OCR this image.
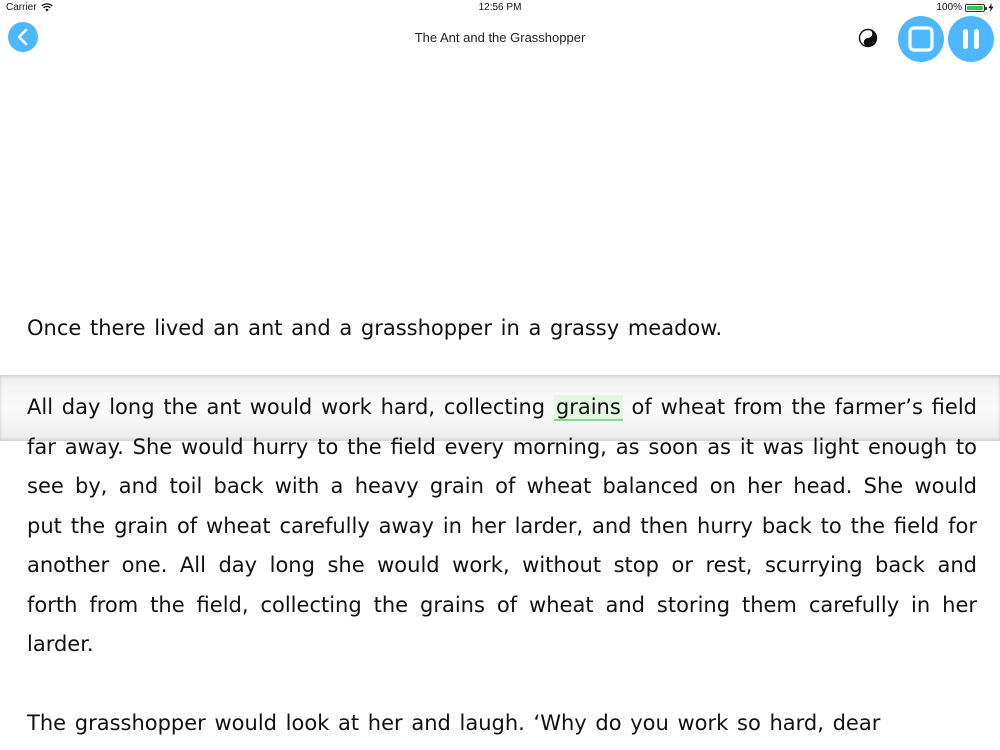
Carrier	12:56 PM	100%
The Ant and the Grasshopper

Once there lived an ant and a grasshopper in a grassy meadow.

All day long the ant would work hard, collecting grains of wheat from the farmer’s field far away. She would hurry to the field every morning, as soon as it was light enough to see by, and toil back with a heavy grain of wheat balanced on her head. She would put the grain of wheat carefully away in her larder, and then hurry back to the field for another one. All day long she would work, without stop or rest, scurrying back and forth from the field, collecting the grains of wheat and storing them carefully in her larder.

The grasshopper would look at her and laugh. ‘Why do you work so hard, dear
